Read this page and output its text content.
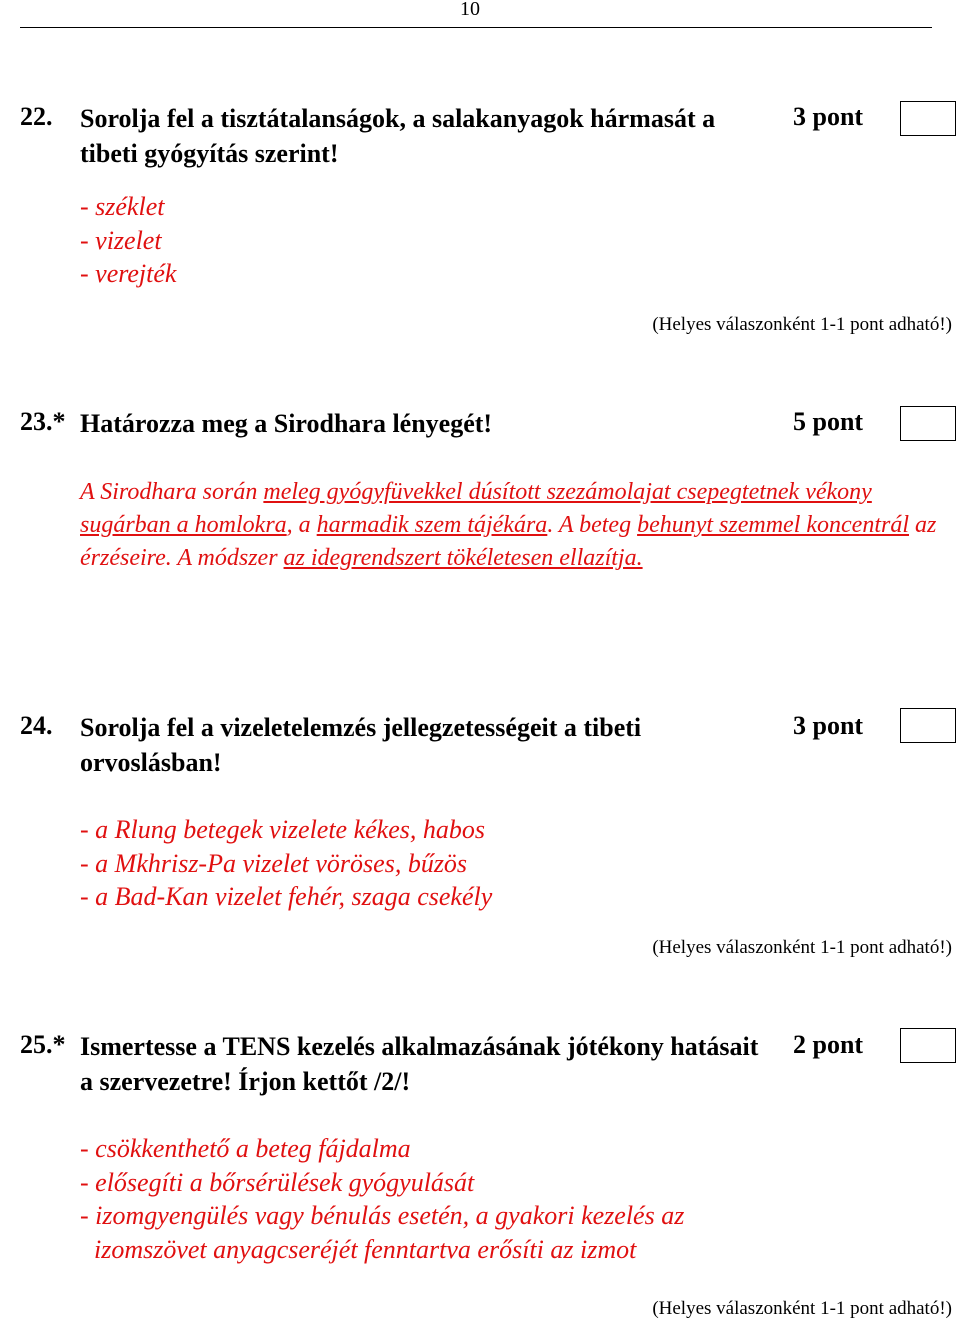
10
22. Sorolja fel a tisztátalanságok, a salakanyagok hármasát a tibeti gyógyítás szerint!
3 pont
- széklet
- vizelet
- verejték
(Helyes válaszonként 1-1 pont adható!)
23.* Határozza meg a Sirodhara lényegét!	5 pont

A Sirodhara során meleg gyógyfüvekkel dúsított szezámolajat csepegtetnek vékony sugárban a homlokra, a harmadik szem tájékára. A beteg behunyt szemmel koncentrál az érzéseire. A módszer az idegrendszert tökéletesen ellazítja.

24. Sorolja fel a vizeletelemzés jellegzetességeit a tibeti orvoslásban!
3 pont
- a Rlung betegek vizelete kékes, habos
- a Mkhrisz-Pa vizelet vöröses, bűzös
- a Bad-Kan vizelet fehér, szaga csekély
(Helyes válaszonként 1-1 pont adható!)
25.* Ismertesse a TENS kezelés alkalmazásának jótékony hatásait a szervezetre! Írjon kettőt /2/!
2 pont
- csökkenthető a beteg fájdalma
- elősegíti a bőrsérülések gyógyulását
- izomgyengülés vagy bénulás esetén, a gyakori kezelés az
izomszövet anyagcseréjét fenntartva erősíti az izmot
(Helyes válaszonként 1-1 pont adható!)
